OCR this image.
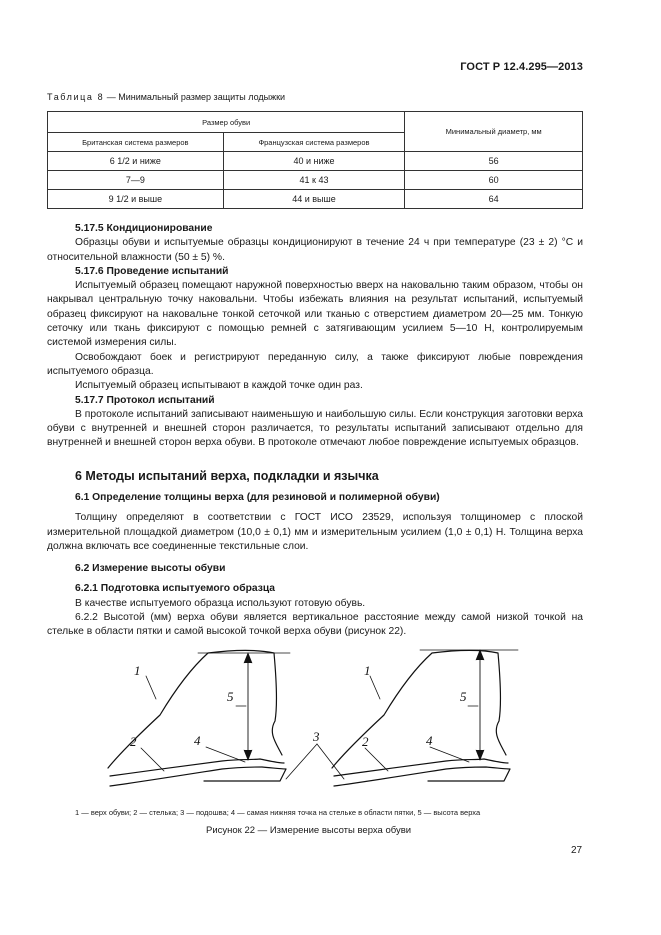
ГОСТ Р 12.4.295—2013
Таблица 8 — Минимальный размер защиты лодыжки
Размер обуви		Минимальный диаметр, мм
Британская система размеров	Французская система размеров	
6 1/2 и ниже	40 и ниже	56
7—9	41 к 43	60
9 1/2 и выше	44 и выше	64

5.17.5 Кондиционирование

Образцы обуви и испытуемые образцы кондиционируют в течение 24 ч при температуре (23 ± 2) °С и относительной влажности (50 ± 5) %.

5.17.6 Проведение испытаний

Испытуемый образец помещают наружной поверхностью вверх на наковальню таким образом, чтобы он накрывал центральную точку наковальни. Чтобы избежать влияния на результат испытаний, испытуемый образец фиксируют на наковальне тонкой сеточкой или тканью с отверстием диаметром 20—25 мм. Тонкую сеточку или ткань фиксируют с помощью ремней с затягивающим усилием 5—10 Н, контролируемым системой измерения силы.

Освобождают боек и регистрируют переданную силу, а также фиксируют любые повреждения испытуемого образца.

Испытуемый образец испытывают в каждой точке один раз.

5.17.7 Протокол испытаний

В протоколе испытаний записывают наименьшую и наибольшую силы. Если конструкция заготовки верха обуви с внутренней и внешней сторон различается, то результаты испытаний записывают отдельно для внутренней и внешней сторон верха обуви. В протоколе отмечают любое повреждение испытуемых образцов.

6 Методы испытаний верха, подкладки и язычка

6.1 Определение толщины верха (для резиновой и полимерной обуви)

Толщину определяют в соответствии с ГОСТ ИСО 23529, используя толщиномер с плоской измерительной площадкой диаметром (10,0 ± 0,1) мм и измерительным усилием (1,0 ± 0,1) Н. Толщина верха должна включать все соединенные текстильные слои.

6.2 Измерение высоты обуви

6.2.1 Подготовка испытуемого образца

В качестве испытуемого образца используют готовую обувь.

6.2.2 Высотой (мм) верха обуви является вертикальное расстояние между самой низкой точкой на стельке в области пятки и самой высокой точкой верха обуви (рисунок 22).

1
2	4
5
3
1
2	4
5
1 — верх обуви; 2 — стелька; 3 — подошва; 4 — самая нижняя точка на стельке в области пятки, 5 — высота верха
Рисунок 22 — Измерение высоты верха обуви
27
